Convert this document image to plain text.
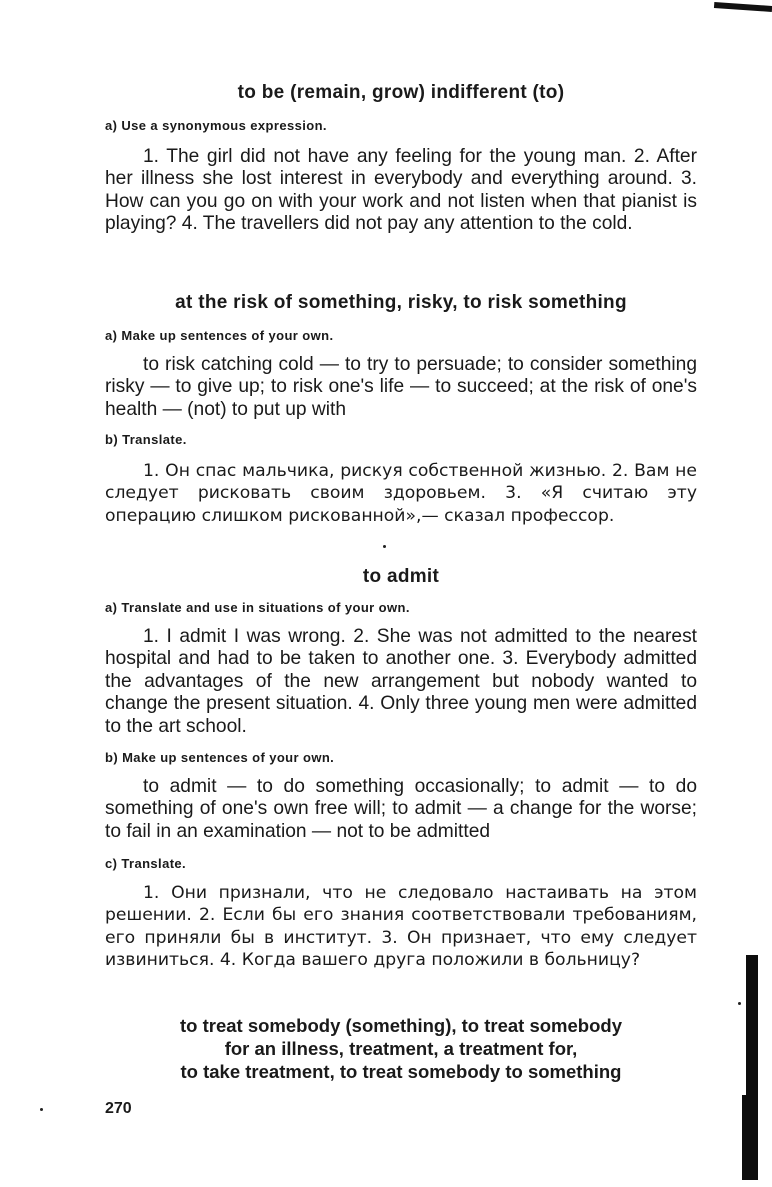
to be (remain, grow) indifferent (to)
a) Use a synonymous expression.

1. The girl did not have any feeling for the young man. 2. After her illness she lost interest in everybody and everything around. 3. How can you go on with your work and not listen when that pianist is playing? 4. The travellers did not pay any attention to the cold.

at the risk of something, risky, to risk something
a) Make up sentences of your own.

to risk catching cold — to try to persuade; to consider something risky — to give up; to risk one's life — to succeed; at the risk of one's health — (not) to put up with

b) Translate.

1. Он спас мальчика, рискуя собственной жизнью. 2. Вам не следует рисковать своим здоровьем. 3. «Я считаю эту операцию слишком рискованной»,— сказал профессор.

to admit
a) Translate and use in situations of your own.

1. I admit I was wrong. 2. She was not admitted to the nearest hospital and had to be taken to another one. 3. Everybody admitted the advantages of the new arrangement but nobody wanted to change the present situation. 4. Only three young men were admitted to the art school.

b) Make up sentences of your own.

to admit — to do something occasionally; to admit — to do something of one's own free will; to admit — a change for the worse; to fail in an examination — not to be admitted

c) Translate.

1. Они признали, что не следовало настаивать на этом решении. 2. Если бы его знания соответствовали требованиям, его приняли бы в институт. 3. Он признает, что ему следует извиниться. 4. Когда вашего друга положили в больницу?

to treat somebody (something), to treat somebody
for an illness, treatment, a treatment for,
to take treatment, to treat somebody to something
270
